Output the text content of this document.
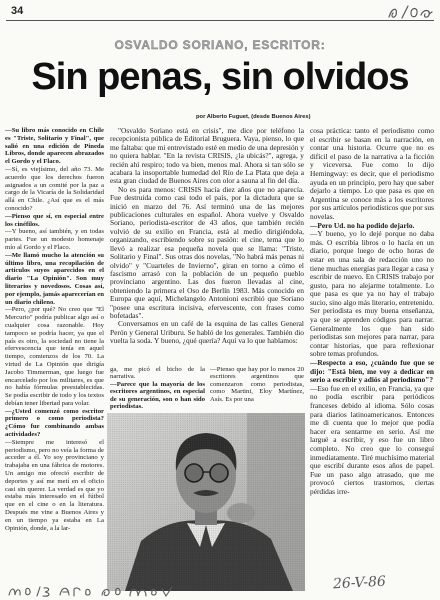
34
OSVALDO SORIANO, ESCRITOR:
Sin penas, sin olvidos
por Alberto Fuguet, (desde Buenos Aires)

—Su libro más conocido en Chile es "Triste, Solitario y Final", que salió en una edición de Pineda Libros, donde aparecen abrazados el Gordo y el Flaco.

—Sí, es viejísimo, del año 73. Me acuerdo que los derechos fueron asignados a un comité por la paz a cargo de la Vicaría de la Solidaridad allá en Chile. ¿Así que es el más conocido?

—Pienso que sí, en especial entre los cinéfilos.

—Y bueno, así también, y en todas partes. Fue un modesto homenaje mío al Gordo y el Flaco.

—Me llamó mucho la atención su último libro, una recopilación de artículos suyos aparecidos en el diario "La Opinión". Son muy literarios y novedosos. Cosas así, por ejemplo, jamás aparecerían en un diario chileno.

—Pero, ¿por qué? No creo que "El Mercurio" podría publicar algo así o cualquier cosa razonable. Hoy tampoco se podría hacer, ya que el país es otro, la sociedad no tiene la efervescencia que tenía en aquel tiempo, comienzos de los 70. La virtud de La Opinión que dirigía Jacobo Timmerman, que luego fue encarcelado por los militares, es que no había fórmulas preestablecidas. Se podía escribir de todo y los textos debían tener libertad para volar.

—¿Usted comenzó como escritor primero o como periodista? ¿Cómo fue combinando ambas actividades?

—Siempre me interesó el periodismo, pero no veía la forma de acceder a él. Yo soy provinciano y trabajaba en una fábrica de motores. Un amigo me ofreció escribir de deportes y así me metí en el oficio casi sin querer. La verdad es que yo estaba más interesado en el fútbol que en el cine o en la literatura. Después me vine a Buenos Aires y en un tiempo ya estaba en La Opinión, donde, a la lar-

"Osvaldo Soriano está en crisis", me dice por teléfono la recepcionista pública de Editorial Bruguera. Vaya, pienso, lo que me faltaba: que mi entrevistado esté en medio de una depresión y no quiera hablar. "En la revista CRISIS, ¿la ubicás?", agrega, y recién ahí respiro; todo va bien, menos mal. Ahora si tan sólo se acabara la insoportable humedad del Río de La Plata que deja a esta gran ciudad de Buenos Aires con olor a sauna al fin del día.

No es para menos: CRISIS hacía diez años que no aparecía. Fue destruida como casi todo el país, por la dictadura que se inició en marzo del 76. Así terminó una de las mejores publicaciones culturales en español. Ahora vuelve y Osvaldo Soriano, periodista-escritor de 43 años, que también recién volvió de su exilio en Francia, está al medio dirigiéndola, organizando, escribiendo sobre su pasión: el cine, tema que lo llevó a realizar esa pequeña novela que se llama: "Triste, Solitario y Final". Sus otras dos novelas, "No habrá más penas ni olvido" y "Cuarteles de Invierno", giran en torno a cómo el fascismo arrasó con la población de un pequeño pueblo provinciano argentino. Las dos fueron llevadas al cine, obteniendo la primera el Oso de Berlín 1983. Más conocido en Europa que aquí, Michelangelo Antonioni escribió que Soriano "posee una escritura incisiva, efervescente, con frases como bofetadas".

Conversamos en un café de la esquina de las calles General Perón y General Uriburu. Se habló de los generales. También dio vuelta la soda. Y bueno, ¿qué quería? Aquí va lo que hablamos:

ga, me picó el bicho de la narrativa.

—Parece que la mayoría de los escritores argentinos, en especial de su generación, son o han sido periodistas.

—Pienso que hay por lo menos 20 escritores argentinos que comenzaron como periodistas, como Martini, Eloy Martínez, Asís. Es por una

cosa práctica: tanto el periodismo como el escribir se basan en la narración, en contar una historia. Ocurre que no es difícil el paso de la narrativa a la ficción y viceversa. Fue como lo dijo Hemingway: es decir, que el periodismo ayuda en un principio, pero hay que saber dejarlo a tiempo. Lo que pasa es que en Argentina se conoce más a los escritores por sus artículos periodísticos que por sus novelas.

—Pero Ud. no ha podido dejarlo.

—Y bueno, yo lo dejé porque no daba más. O escribía libros o lo hacía en un diario, porque luego de ocho horas de estar en una sala de redacción uno no tiene muchas energías para llegar a casa y escribir de nuevo. En CRISIS trabajo por gusto, para no alejarme totalmente. Lo que pasa es que ya no hay el trabajo sucio, sino algo más literario, entretenido. Ser periodista es muy buena enseñanza, ya que se aprenden códigos para narrar. Generalmente los que han sido periodistas son mejores para narrar, para contar historias, que para reflexionar sobre temas profundos.

—Respecto a eso, ¿cuándo fue que se dijo: "Está bien, me voy a dedicar en serio a escribir y adiós al periodismo"?

—Eso fue en el exilio, en Francia, ya que no podía escribir para periódicos franceses debido al idioma. Sólo cosas para diarios latinoamericanos. Entonces me di cuenta que lo mejor que podía hacer era sentarme en serio. Así me largué a escribir, y eso fue un libro completo. No creo que lo conseguí inmediatamente. Tiré muchísimo material que escribí durante esos años de papel. Fue un paso algo atrasado, que me provocó ciertos trastornos, ciertas pérdidas irre-

26-V-86
